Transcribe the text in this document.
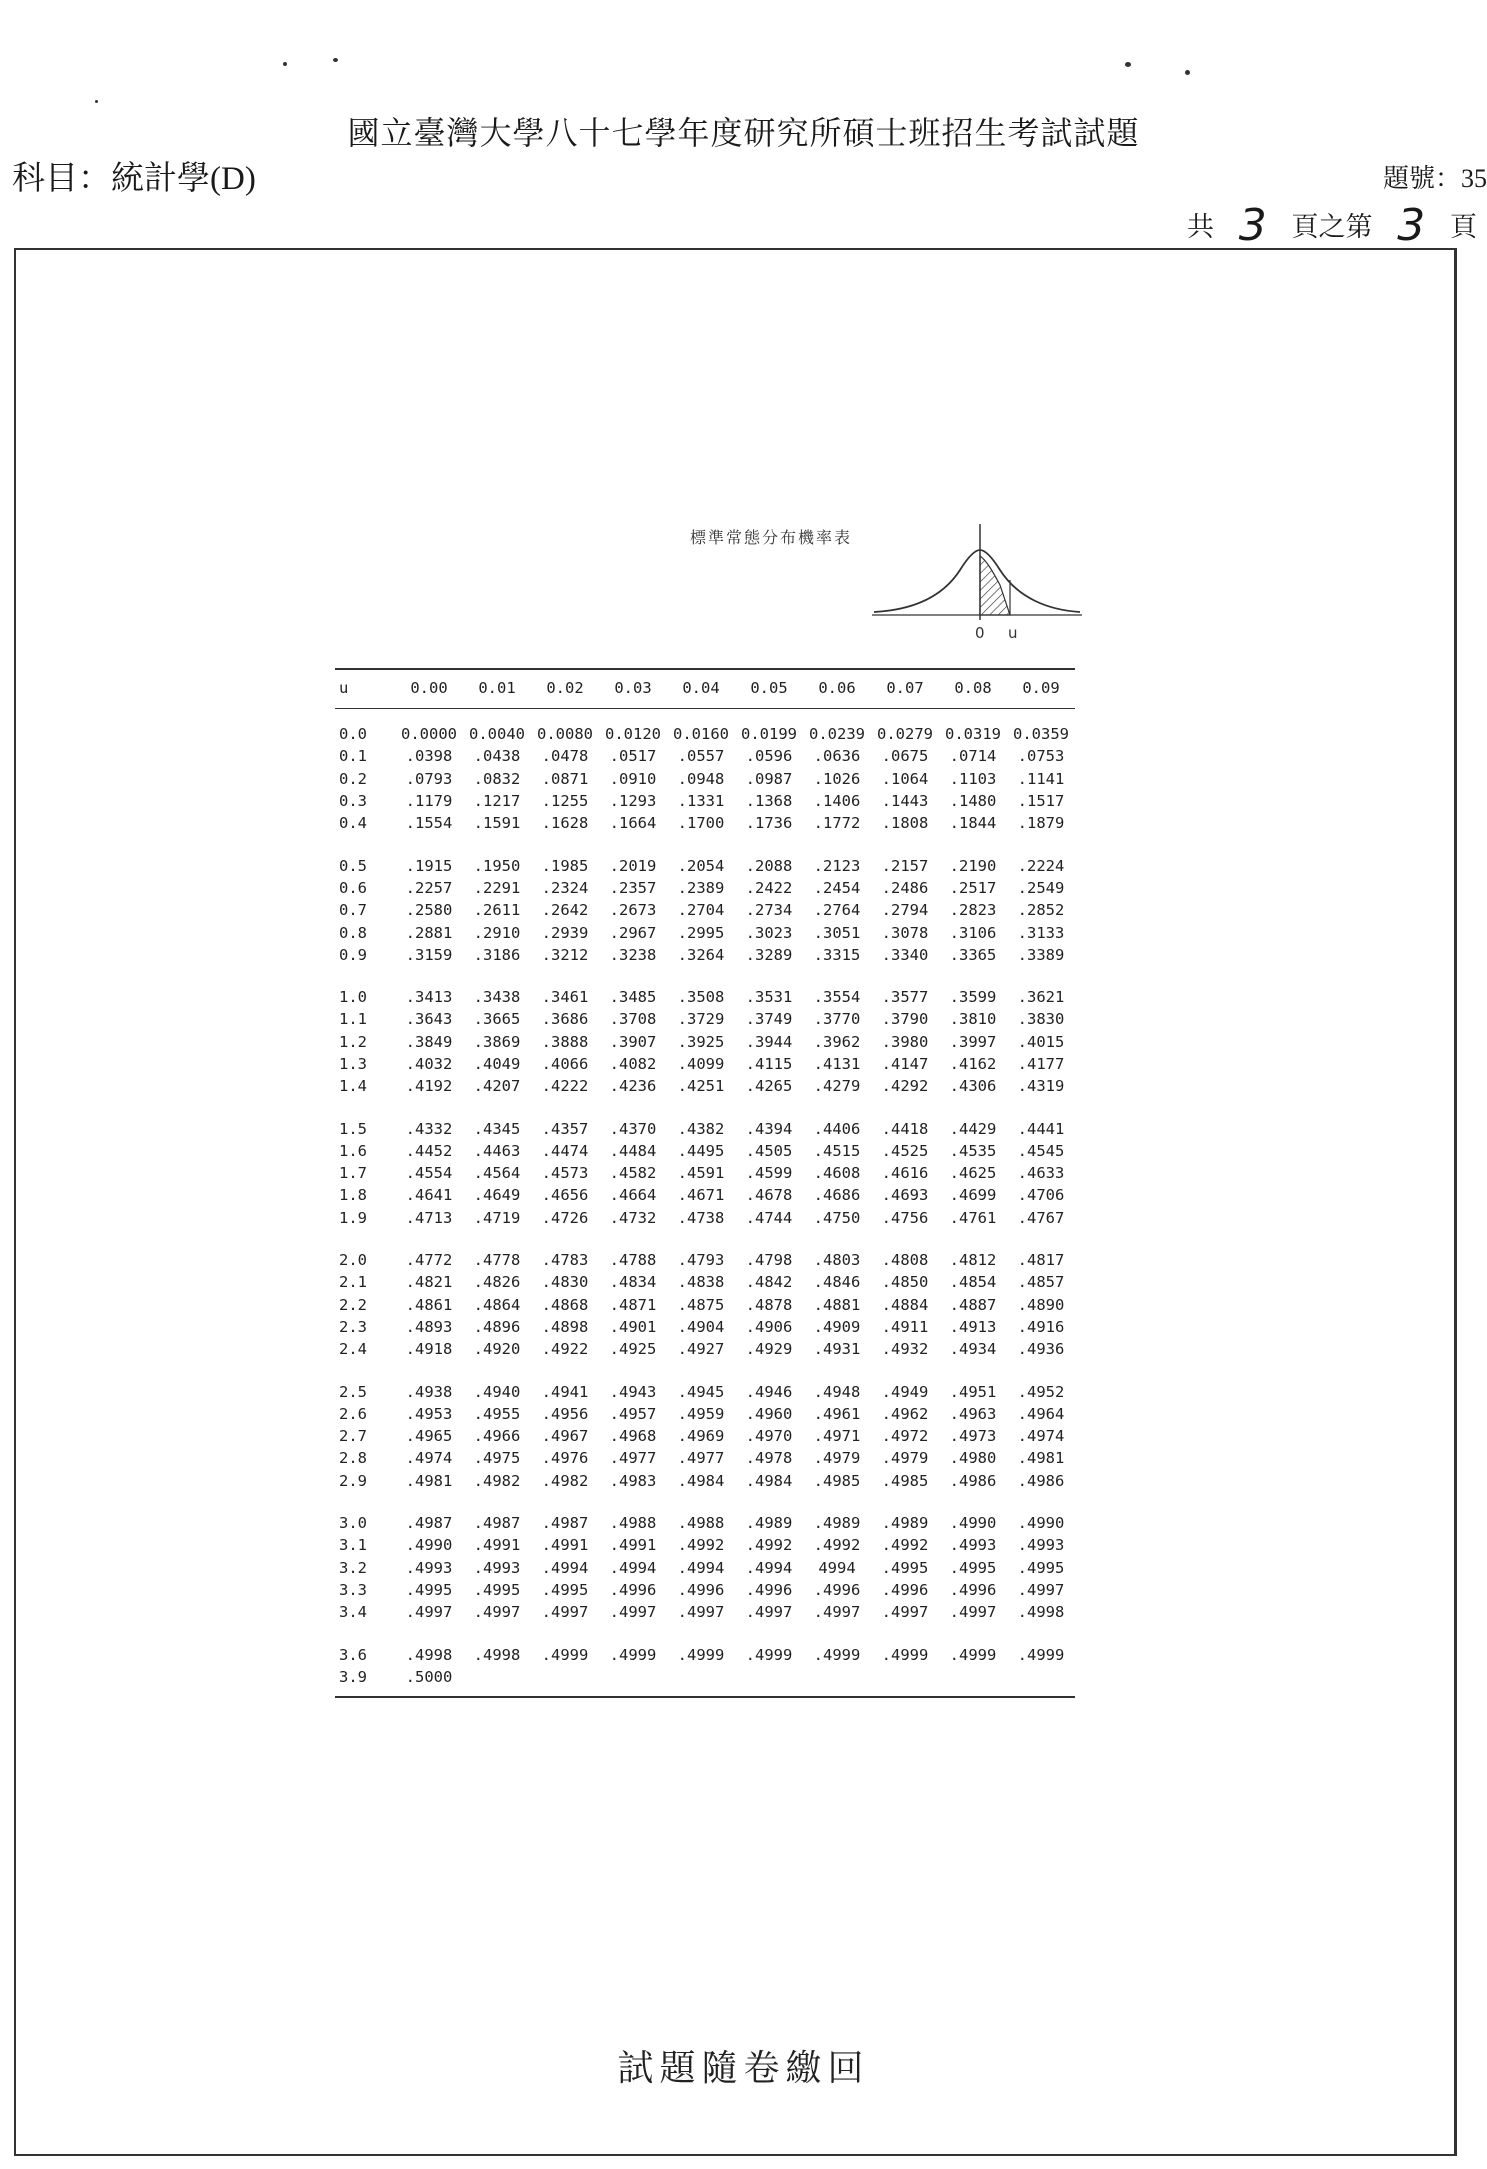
國立臺灣大學八十七學年度研究所碩士班招生考試試題
科目：統計學(D)	題號：35
共 3 頁之第 3 頁
標準常態分布機率表
0 u
u	0.00	0.01	0.02	0.03	0.04	0.05	0.06	0.07	0.08	0.09
0.0	0.0000 0.0040 0.0080 0.0120 0.0160 0.0199 0.0239 0.0279 0.0319 0.0359
0.1	.0398	.0438	.0478	.0517	.0557	.0596	.0636	.0675	.0714	.0753
0.2	.0793	.0832	.0871	.0910	.0948	.0987	.1026	.1064	.1103	.1141
0.3	.1179	.1217	.1255	.1293	.1331	.1368	.1406	.1443	.1480	.1517
0.4	.1554	.1591	.1628	.1664	.1700	.1736	.1772	.1808	.1844	.1879
0.5	.1915	.1950	.1985	.2019	.2054	.2088	.2123	.2157	.2190	.2224
0.6	.2257	.2291	.2324	.2357	.2389	.2422	.2454	.2486	.2517	.2549
0.7	.2580	.2611	.2642	.2673	.2704	.2734	.2764	.2794	.2823	.2852
0.8	.2881	.2910	.2939	.2967	.2995	.3023	.3051	.3078	.3106	.3133
0.9	.3159	.3186	.3212	.3238	.3264	.3289	.3315	.3340	.3365	.3389
1.0	.3413	.3438	.3461	.3485	.3508	.3531	.3554	.3577	.3599	.3621
1.1	.3643	.3665	.3686	.3708	.3729	.3749	.3770	.3790	.3810	.3830
1.2	.3849	.3869	.3888	.3907	.3925	.3944	.3962	.3980	.3997	.4015
1.3	.4032	.4049	.4066	.4082	.4099	.4115	.4131	.4147	.4162	.4177
1.4	.4192	.4207	.4222	.4236	.4251	.4265	.4279	.4292	.4306	.4319
1.5	.4332	.4345	.4357	.4370	.4382	.4394	.4406	.4418	.4429	.4441
1.6	.4452	.4463	.4474	.4484	.4495	.4505	.4515	.4525	.4535	.4545
1.7	.4554	.4564	.4573	.4582	.4591	.4599	.4608	.4616	.4625	.4633
1.8	.4641	.4649	.4656	.4664	.4671	.4678	.4686	.4693	.4699	.4706
1.9	.4713	.4719	.4726	.4732	.4738	.4744	.4750	.4756	.4761	.4767
2.0	.4772	.4778	.4783	.4788	.4793	.4798	.4803	.4808	.4812	.4817
2.1	.4821	.4826	.4830	.4834	.4838	.4842	.4846	.4850	.4854	.4857
2.2	.4861	.4864	.4868	.4871	.4875	.4878	.4881	.4884	.4887	.4890
2.3	.4893	.4896	.4898	.4901	.4904	.4906	.4909	.4911	.4913	.4916
2.4	.4918	.4920	.4922	.4925	.4927	.4929	.4931	.4932	.4934	.4936
2.5	.4938	.4940	.4941	.4943	.4945	.4946	.4948	.4949	.4951	.4952
2.6	.4953	.4955	.4956	.4957	.4959	.4960	.4961	.4962	.4963	.4964
2.7	.4965	.4966	.4967	.4968	.4969	.4970	.4971	.4972	.4973	.4974
2.8	.4974	.4975	.4976	.4977	.4977	.4978	.4979	.4979	.4980	.4981
2.9	.4981	.4982	.4982	.4983	.4984	.4984	.4985	.4985	.4986	.4986
3.0	.4987	.4987	.4987	.4988	.4988	.4989	.4989	.4989	.4990	.4990
3.1	.4990	.4991	.4991	.4991	.4992	.4992	.4992	.4992	.4993	.4993
3.2	.4993	.4993	.4994	.4994	.4994	.4994	4994	.4995	.4995	.4995
3.3	.4995	.4995	.4995	.4996	.4996	.4996	.4996	.4996	.4996	.4997
3.4	.4997	.4997	.4997	.4997	.4997	.4997	.4997	.4997	.4997	.4998
3.6	.4998	.4998	.4999	.4999	.4999	.4999	.4999	.4999	.4999	.4999
3.9	.5000
試題隨卷繳回
